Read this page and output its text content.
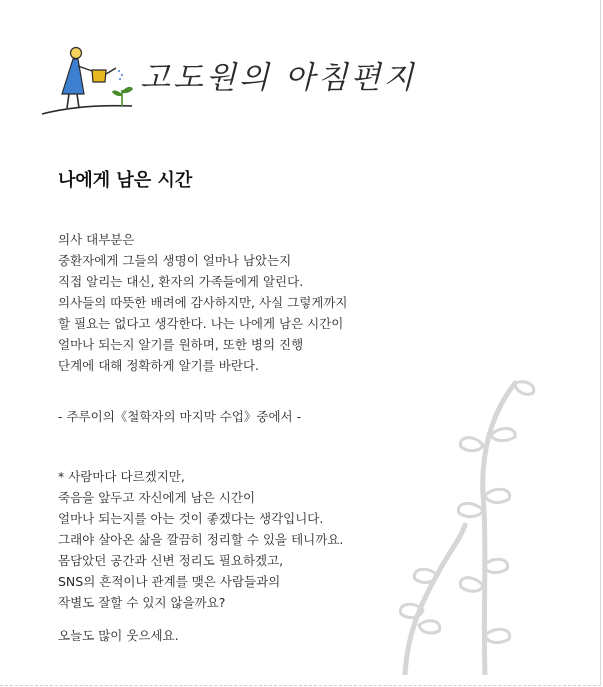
고도원의 아침편지
나에게 남은 시간

의사 대부분은

중환자에게 그들의 생명이 얼마나 남았는지

직접 알리는 대신, 환자의 가족들에게 알린다.

의사들의 따뜻한 배려에 감사하지만, 사실 그렇게까지

할 필요는 없다고 생각한다. 나는 나에게 남은 시간이

얼마나 되는지 알기를 원하며, 또한 병의 진행

단계에 대해 정확하게 알기를 바란다.

- 주루이의《철학자의 마지막 수업》중에서 -

* 사람마다 다르겠지만,

죽음을 앞두고 자신에게 남은 시간이

얼마나 되는지를 아는 것이 좋겠다는 생각입니다.

그래야 살아온 삶을 깔끔히 정리할 수 있을 테니까요.

몸담았던 공간과 신변 정리도 필요하겠고,

SNS의 흔적이나 관계를 맺은 사람들과의

작별도 잘할 수 있지 않을까요?

오늘도 많이 웃으세요.
